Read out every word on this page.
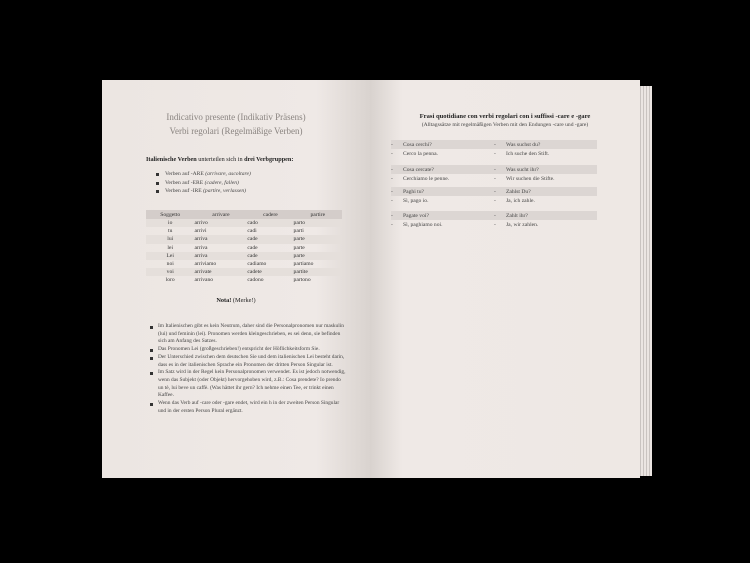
Indicativo presente (Indikativ Präsens)
Verbi regolari (Regelmäßige Verben)
Italienische Verben unterteilen sich in drei Verbgruppen:
Verben auf -ARE
(arrivare, ascoltare)
Verben auf -ERE
(cadere, fallen)
Verben auf -IRE
(partire, verlassen)
Soggetto	arrivare	cadere	partire
io	arrivo	cado	parto
tu	arrivi	cadi	parti
lui	arriva	cade	parte
lei	arriva	cade	parte
Lei	arriva	cade	parte
noi	arriviamo	cadiamo	partiamo
voi	arrivate	cadete	partite
loro	arrivano	cadono	partono
Nota! (Merke!)

Im Italienischen gibt es kein Neutrum, daher sind die Personalpronomen nur maskulin (lui) und feminin (lei). Pronomen werden kleingeschrieben, es sei denn, sie befinden sich am Anfang des Satzes.

Das Pronomen Lei (großgeschrieben!) entspricht der Höflichkeitsform Sie.

Der Unterschied zwischen dem deutschen Sie und dem italienischen Lei besteht darin, dass es in der italienischen Sprache ein Pronomen der dritten Person Singular ist.

Im Satz wird in der Regel kein Personalpronomen verwendet. Es ist jedoch notwendig, wenn das Subjekt (oder Objekt) hervorgehoben wird, z.B.: Cosa prendete? Io prendo un tè, lui beve un caffè. (Was hättet ihr gern? Ich nehme einen Tee, er trinkt einen Kaffee.

Wenn das Verb auf -care oder -gare endet, wird ein h in der zweiten Person Singular und in der ersten Person Plural ergänzt.

Frasi quotidiane con verbi regolari con i suffissi -care e -gare
(Alltagssätze mit regelmäßigen Verben mit den Endungen -care und -gare)
-	Cosa cerchi?	-	Was suchst du?
-	Cerco la penna.	-	Ich suche den Stift.
-	Cosa cercate?	-	Was sucht ihr?
-	Cerchiamo le penne.	-	Wir suchen die Stifte.
-	Paghi tu?	-	Zahlst Du?
-	Sì, pago io.	-	Ja, ich zahle.
-	Pagate voi?	-	Zahlt ihr?
-	Sì, paghiamo noi.	-	Ja, wir zahlen.
